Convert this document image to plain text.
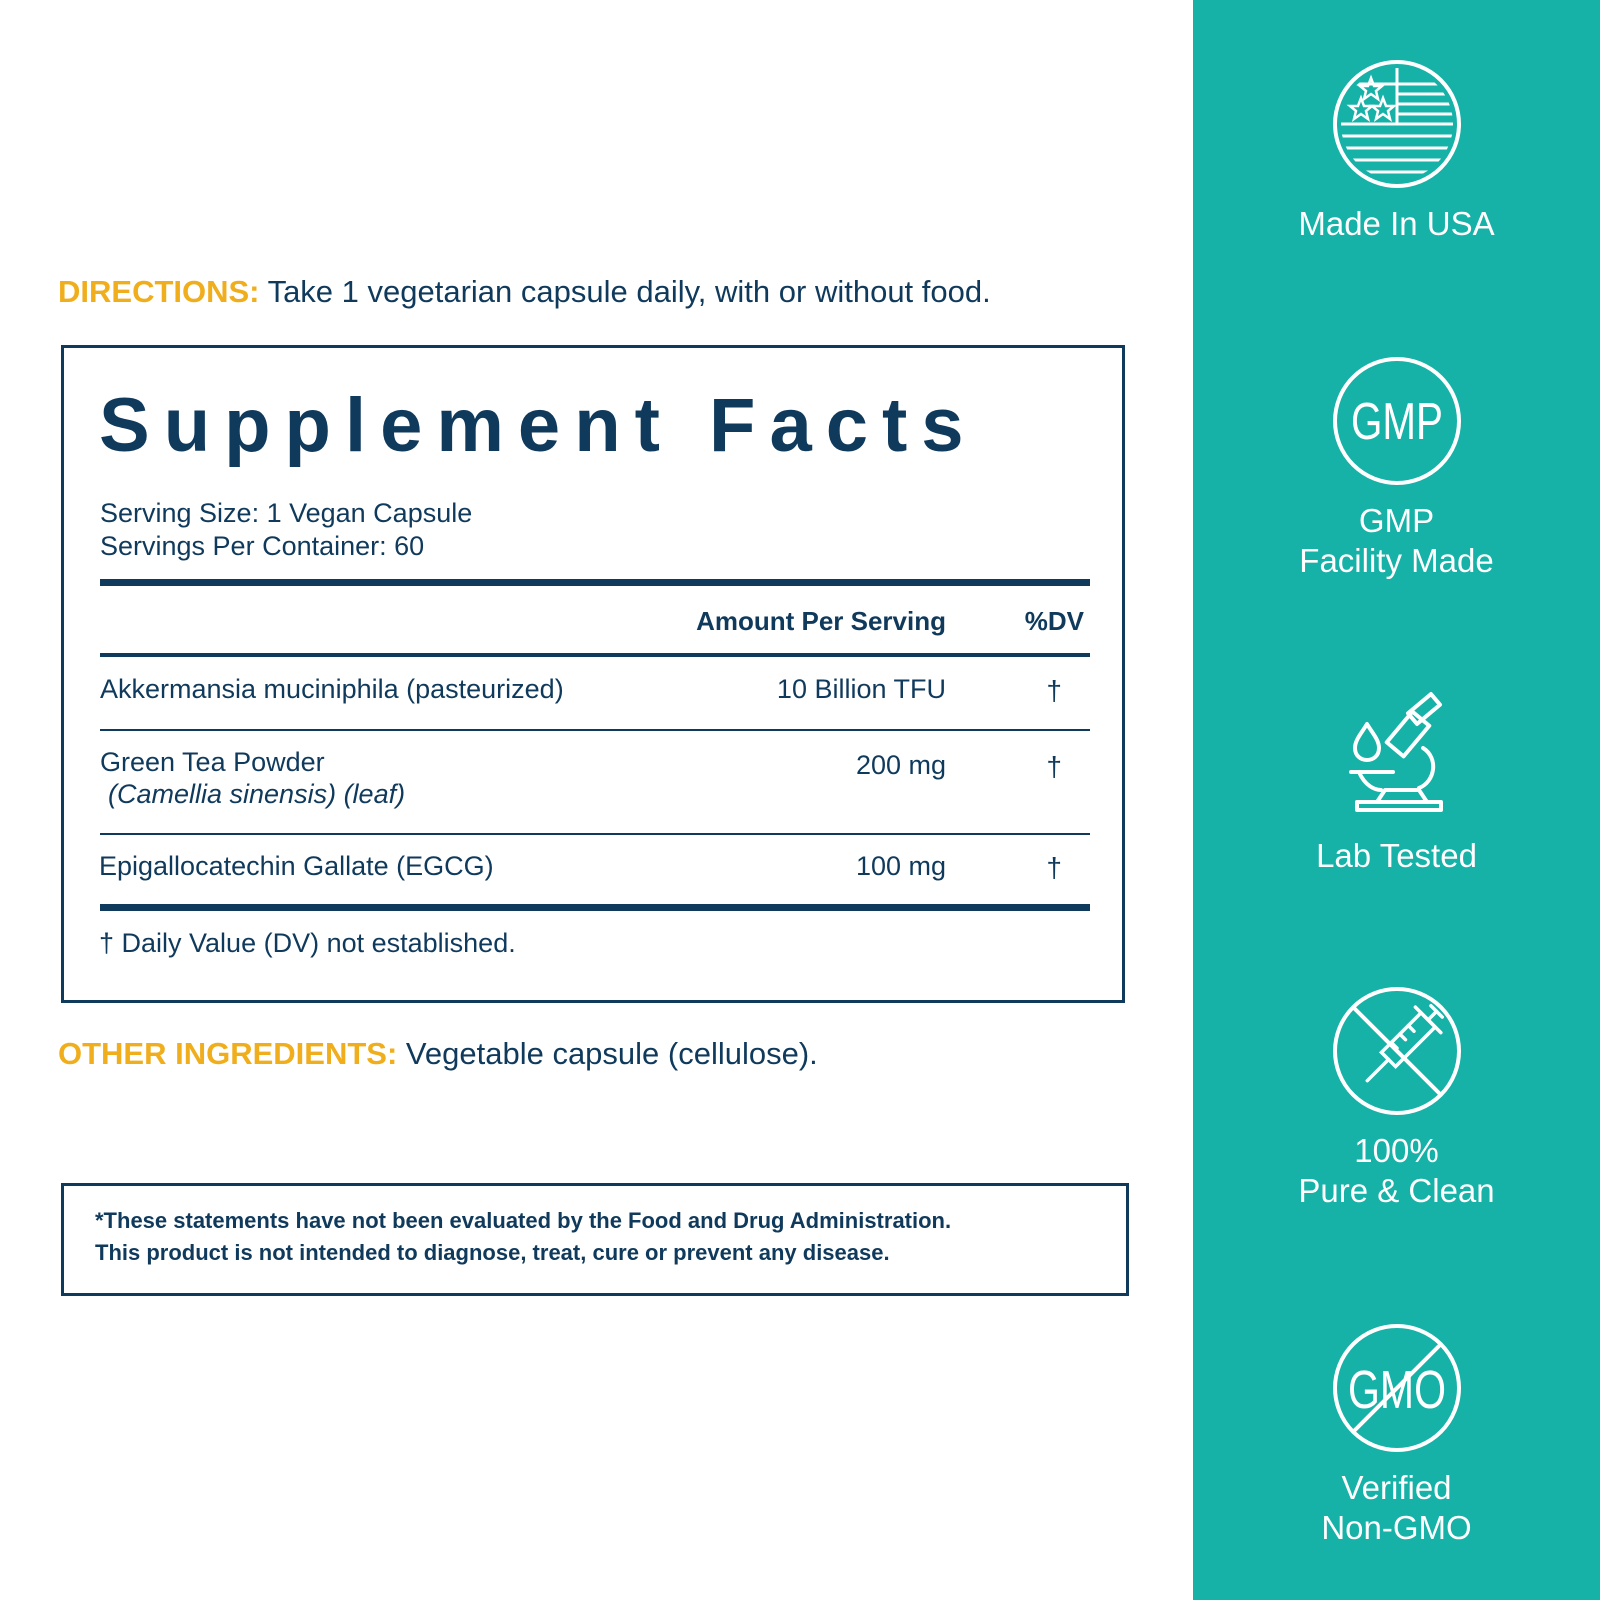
DIRECTIONS: Take 1 vegetarian capsule daily, with or without food.
Supplement Facts
Serving Size: 1 Vegan Capsule
Servings Per Container: 60
Amount Per Serving	%DV
Akkermansia muciniphila (pasteurized)	10 Billion TFU	†
Green Tea Powder
(Camellia sinensis) (leaf)
200 mg	†
Epigallocatechin Gallate (EGCG)	100 mg	†
† Daily Value (DV) not established.
OTHER INGREDIENTS: Vegetable capsule (cellulose).
*These statements have not been evaluated by the Food and Drug Administration.
This product is not intended to diagnose, treat, cure or prevent any disease.
Made In USA
GMP
GMP
Facility Made
Lab Tested
100%
Pure & Clean
GMO
Verified
Non-GMO
